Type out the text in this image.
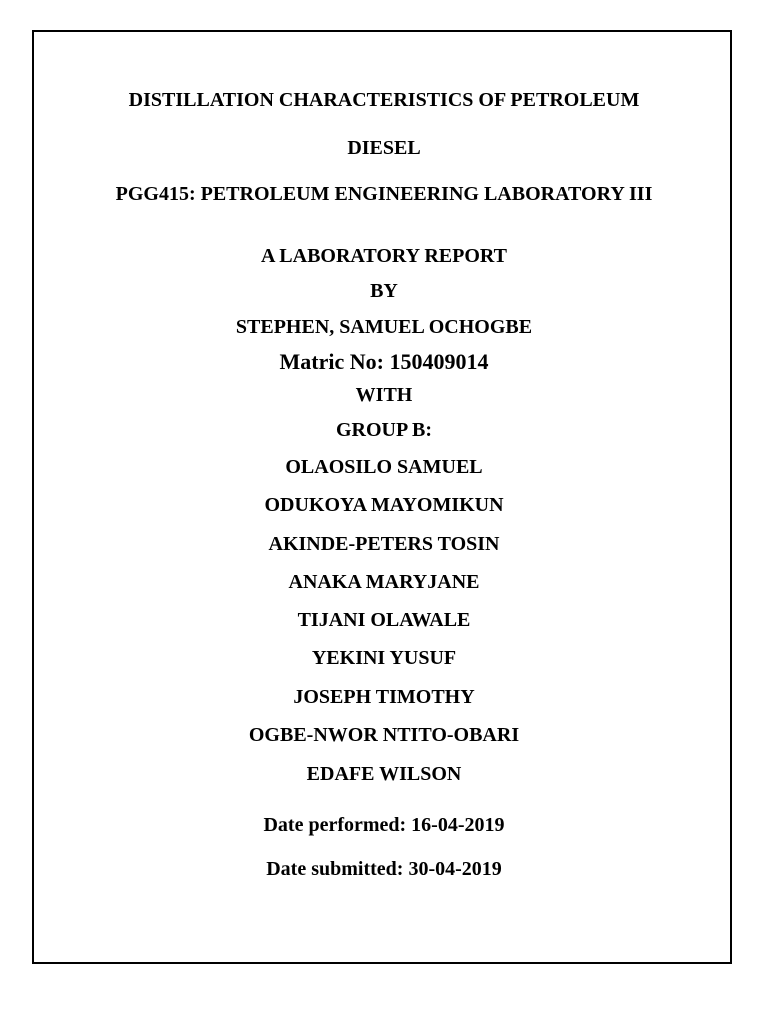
DISTILLATION CHARACTERISTICS OF PETROLEUM
DIESEL
PGG415: PETROLEUM ENGINEERING LABORATORY III
A LABORATORY REPORT
BY
STEPHEN, SAMUEL OCHOGBE
Matric No: 150409014
WITH
GROUP B:
OLAOSILO SAMUEL
ODUKOYA MAYOMIKUN
AKINDE-PETERS TOSIN
ANAKA MARYJANE
TIJANI OLAWALE
YEKINI YUSUF
JOSEPH TIMOTHY
OGBE-NWOR NTITO-OBARI
EDAFE WILSON
Date performed: 16-04-2019
Date submitted: 30-04-2019
